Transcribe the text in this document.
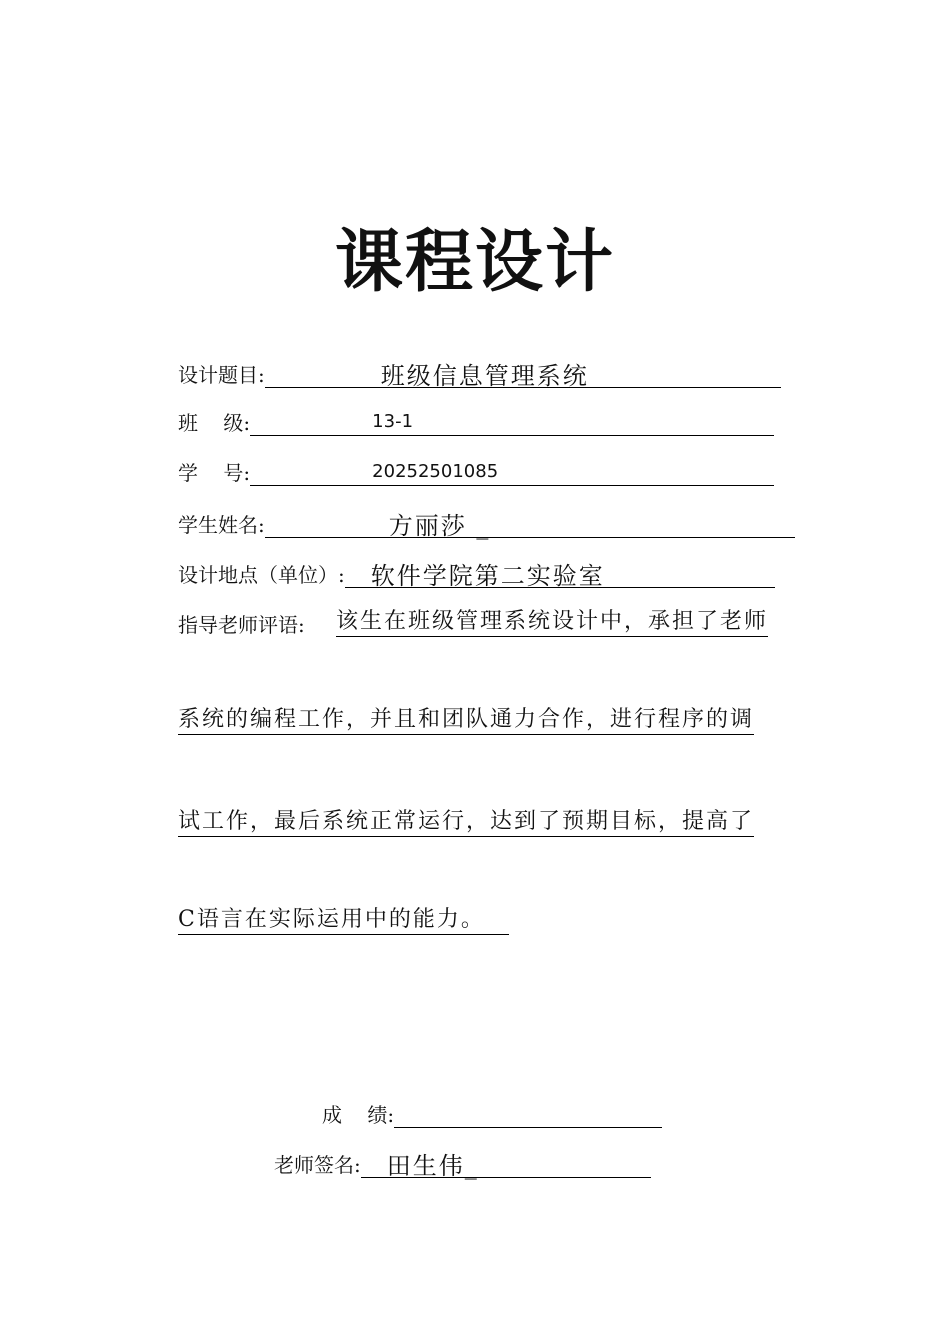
课程设计
设计题目:

	班级信息管理系统

班    级:

	13-1

学    号:

	20252501085

学生姓名:

	方丽莎 _

设计地点（单位）:

软件学院第二实验室

指导老师评语: 该生在班级管理系统设计中，承担了老师
系统的编程工作，并且和团队通力合作，进行程序的调
试工作，最后系统正常运行，达到了预期目标，提高了
C语言在实际运用中的能力。
成    绩:

老师签名:

田生伟_
